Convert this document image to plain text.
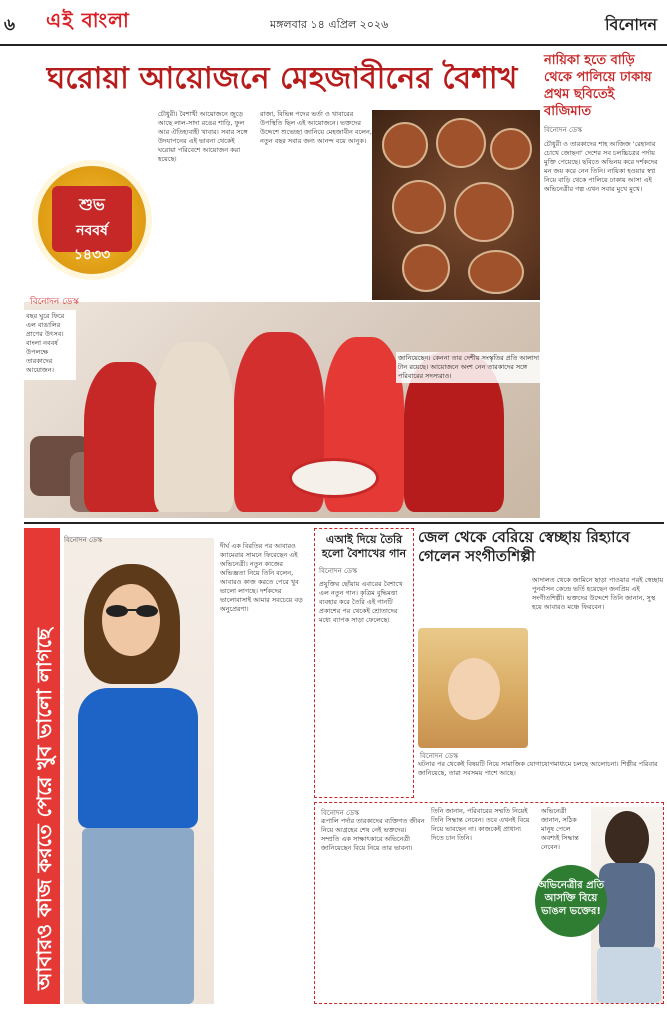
৬ এই বাংলা	মঙ্গলবার ১৪ এপ্রিল ২০২৬	বিনোদন
ঘরোয়া আয়োজনে মেহজাবীনের বৈশাখ
শুভ
নববর্ষ
১৪৩৩

চৌধুরী। বৈশাখী আয়োজনে জুড়ে আছে লাল-সাদা রঙের শাড়ি, ফুল আর ঐতিহ্যবাহী খাবার। সবার সঙ্গে উদযাপনের এই ভাবনা থেকেই ঘরোয়া পরিবেশে আয়োজন করা হয়েছে।

রাজা, বিভিন্ন পদের ভর্তা ও খাবারের উপস্থিতি ছিল এই আয়োজনে। ভক্তদের উদ্দেশে শুভেচ্ছা জানিয়ে মেহজাবীন বলেন, নতুন বছর সবার জন্য আনন্দ বয়ে আনুক।

বিনোদন ডেস্ক

বছর ঘুরে ফিরে এল বাঙালির প্রাণের উৎসব। বাংলা নববর্ষ উপলক্ষে তারকাদের আয়োজন।

জানিয়েছেন। কেননা তার দেশীয় সংস্কৃতির প্রতি আলাদা টান রয়েছে। আয়োজনে অংশ নেন তারকাদের সঙ্গে পরিবারের সদস্যরাও।

নায়িকা হতে বাড়ি থেকে পালিয়ে ঢাকায় প্রথম ছবিতেই বাজিমাত
বিনোদন ডেস্ক

চৌধুরী ও তারকাদের শাহ আজিজ 'রেহানার চোখে জোছনা' দেশের সব চলচ্চিত্রের পর্দায় মুক্তি পেয়েছে। ছবিতে অভিনয় করে দর্শকদের মন জয় করে নেন তিনি। নায়িকা হওয়ার স্বপ্ন নিয়ে বাড়ি থেকে পালিয়ে ঢাকায় আসা এই অভিনেত্রীর গল্প এখন সবার মুখে মুখে।

আবারও কাজ করতে পেরে খুব ভালো লাগছে
বিনোদন ডেস্ক

দীর্ঘ এক বিরতির পর আবারও ক্যামেরার সামনে ফিরেছেন এই অভিনেত্রী। নতুন কাজের অভিজ্ঞতা নিয়ে তিনি বলেন, আবারও কাজ করতে পেরে খুব ভালো লাগছে। দর্শকদের ভালোবাসাই আমার সবচেয়ে বড় অনুপ্রেরণা।

এআই দিয়ে তৈরি হলো বৈশাখের গান
বিনোদন ডেস্ক
প্রযুক্তির ছোঁয়ায় এবারের বৈশাখে এল নতুন গান। কৃত্রিম বুদ্ধিমত্তা ব্যবহার করে তৈরি এই গানটি প্রকাশের পর থেকেই শ্রোতাদের মধ্যে ব্যাপক সাড়া ফেলেছে।
জেল থেকে বেরিয়ে স্বেচ্ছায় রিহ্যাবে গেলেন সংগীতশিল্পী
বিনোদন ডেস্ক
আদালত থেকে জামিনে ছাড়া পাওয়ার পরই স্বেচ্ছায় পুনর্বাসন কেন্দ্রে ভর্তি হয়েছেন জনপ্রিয় এই সংগীতশিল্পী। ভক্তদের উদ্দেশে তিনি জানান, সুস্থ হয়ে আবারও মঞ্চে ফিরবেন।
ঘটনার পর থেকেই বিষয়টি নিয়ে সামাজিক যোগাযোগমাধ্যমে চলছে আলোচনা। শিল্পীর পরিবার জানিয়েছে, তারা সবসময় পাশে আছে।
বিনোদন ডেস্ক
রূপালি পর্দার তারকাদের ব্যক্তিগত জীবন নিয়ে আগ্রহের শেষ নেই ভক্তদের। সম্প্রতি এক সাক্ষাৎকারে অভিনেত্রী জানিয়েছেন বিয়ে নিয়ে তার ভাবনা।
তিনি জানান, পরিবারের সম্মতি নিয়েই তিনি সিদ্ধান্ত নেবেন। তবে এখনই বিয়ে নিয়ে ভাবছেন না। কাজকেই প্রাধান্য দিতে চান তিনি।
অভিনেত্রী জানান, সঠিক মানুষ পেলে অবশ্যই সিদ্ধান্ত নেবেন।
অভিনেত্রীর প্রতি আসক্তি বিয়ে ভাঙল ভক্তের!
